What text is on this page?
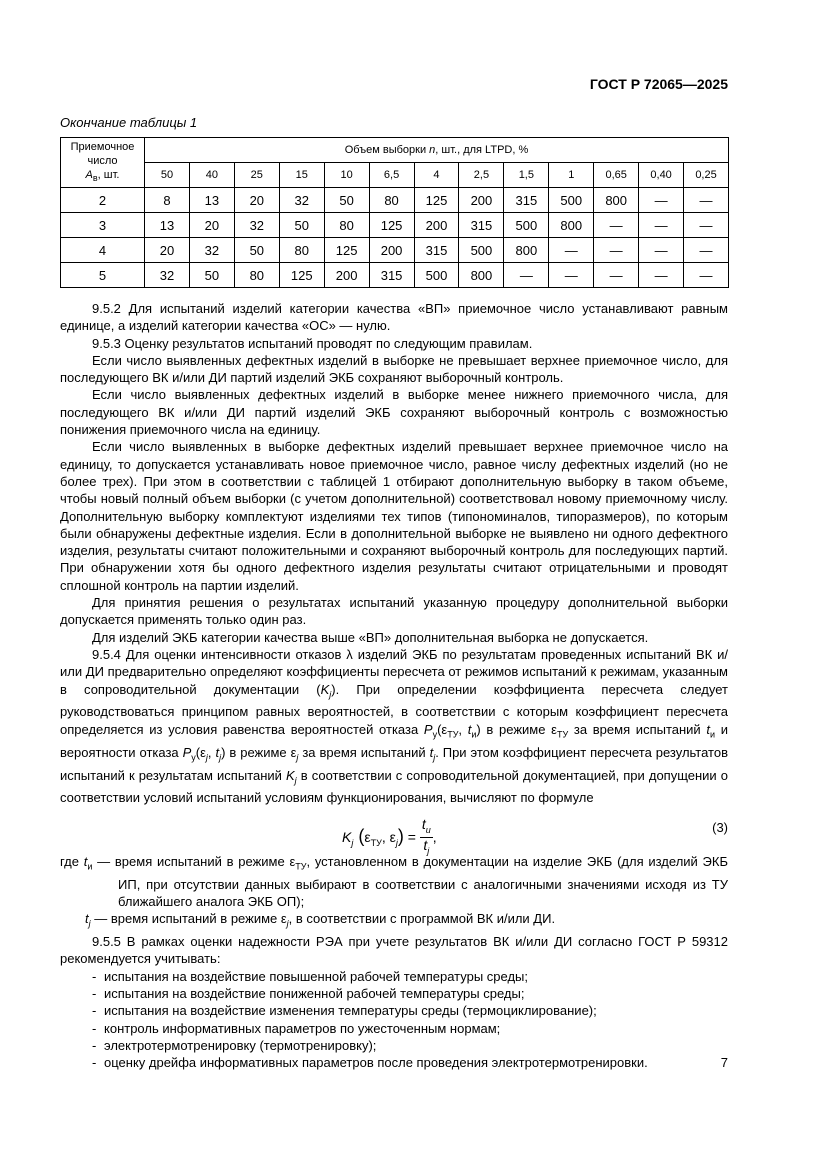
ГОСТ Р 72065—2025
Окончание таблицы 1
Приемочное число
$A_в$, шт.	Объем выборки n, шт., для LTPD, %												
	50	40	25	15	10	6,5	4	2,5	1,5	1	0,65	0,40	0,25
2	8	13	20	32	50	80	125	200	315	500	800	—	—
3	13	20	32	50	80	125	200	315	500	800	—	—	—
4	20	32	50	80	125	200	315	500	800	—	—	—	—
5	32	50	80	125	200	315	500	800	—	—	—	—	—

9.5.2 Для испытаний изделий категории качества «ВП» приемочное число устанавливают равным единице, а изделий категории качества «ОС» — нулю.

9.5.3 Оценку результатов испытаний проводят по следующим правилам.

Если число выявленных дефектных изделий в выборке не превышает верхнее приемочное число, для последующего ВК и/или ДИ партий изделий ЭКБ сохраняют выборочный контроль.

Если число выявленных дефектных изделий в выборке менее нижнего приемочного числа, для последующего ВК и/или ДИ партий изделий ЭКБ сохраняют выборочный контроль с возможностью понижения приемочного числа на единицу.

Если число выявленных в выборке дефектных изделий превышает верхнее приемочное число на единицу, то допускается устанавливать новое приемочное число, равное числу дефектных изделий (но не более трех). При этом в соответствии с таблицей 1 отбирают дополнительную выборку в таком объеме, чтобы новый полный объем выборки (с учетом дополнительной) соответствовал новому приемочному числу. Дополнительную выборку комплектуют изделиями тех типов (типономиналов, типоразмеров), по которым были обнаружены дефектные изделия. Если в дополнительной выборке не выявлено ни одного дефектного изделия, результаты считают положительными и сохраняют выборочный контроль для последующих партий. При обнаружении хотя бы одного дефектного изделия результаты считают отрицательными и проводят сплошной контроль на партии изделий.

Для принятия решения о результатах испытаний указанную процедуру дополнительной выборки допускается применять только один раз.

Для изделий ЭКБ категории качества выше «ВП» дополнительная выборка не допускается.

9.5.4 Для оценки интенсивности отказов λ изделий ЭКБ по результатам проведенных испытаний ВК и/или ДИ предварительно определяют коэффициенты пересчета от режимов испытаний к режимам, указанным в сопроводительной документации $(K_j)$. При определении коэффициента пересчета следует руководствоваться принципом равных вероятностей, в соответствии с которым коэффициент пересчета определяется из условия равенства вероятностей отказа $P_у(\varepsilon_{ТУ}$, $t_и$) в режиме $\varepsilon_{ТУ}$ за время испытаний $t_и$ и вероятности отказа $P_у(\varepsilon_j$, $t_j$) в режиме $\varepsilon_j$ за время испытаний $t_j$. При этом коэффициент пересчета результатов испытаний к результатам испытаний $K_j$ в соответствии с сопроводительной документацией, при допущении о соответствии условий испытаний условиям функционирования, вычисляют по формуле

$K_j$ ($\varepsilon_{ТУ}$, $\varepsilon_j) = \frac{t_и}{t_j}$ ,
(3)

где $t_и$ — время испытаний в режиме $\varepsilon_{ТУ}$, установленном в документации на изделие ЭКБ (для изделий ЭКБ ИП, при отсутствии данных выбирают в соответствии с аналогичными значениями исходя из ТУ ближайшего аналога ЭКБ ОП);

$t_j$ — время испытаний в режиме $\varepsilon_j$, в соответствии с программой ВК и/или ДИ.

9.5.5 В рамках оценки надежности РЭА при учете результатов ВК и/или ДИ согласно ГОСТ Р 59312 рекомендуется учитывать:

- испытания на воздействие повышенной рабочей температуры среды;
- испытания на воздействие пониженной рабочей температуры среды;
- испытания на воздействие изменения температуры среды (термоциклирование);
- контроль информативных параметров по ужесточенным нормам;
- электротермотренировку (термотренировку);
- оценку дрейфа информативных параметров после проведения электротермотренировки.	7
